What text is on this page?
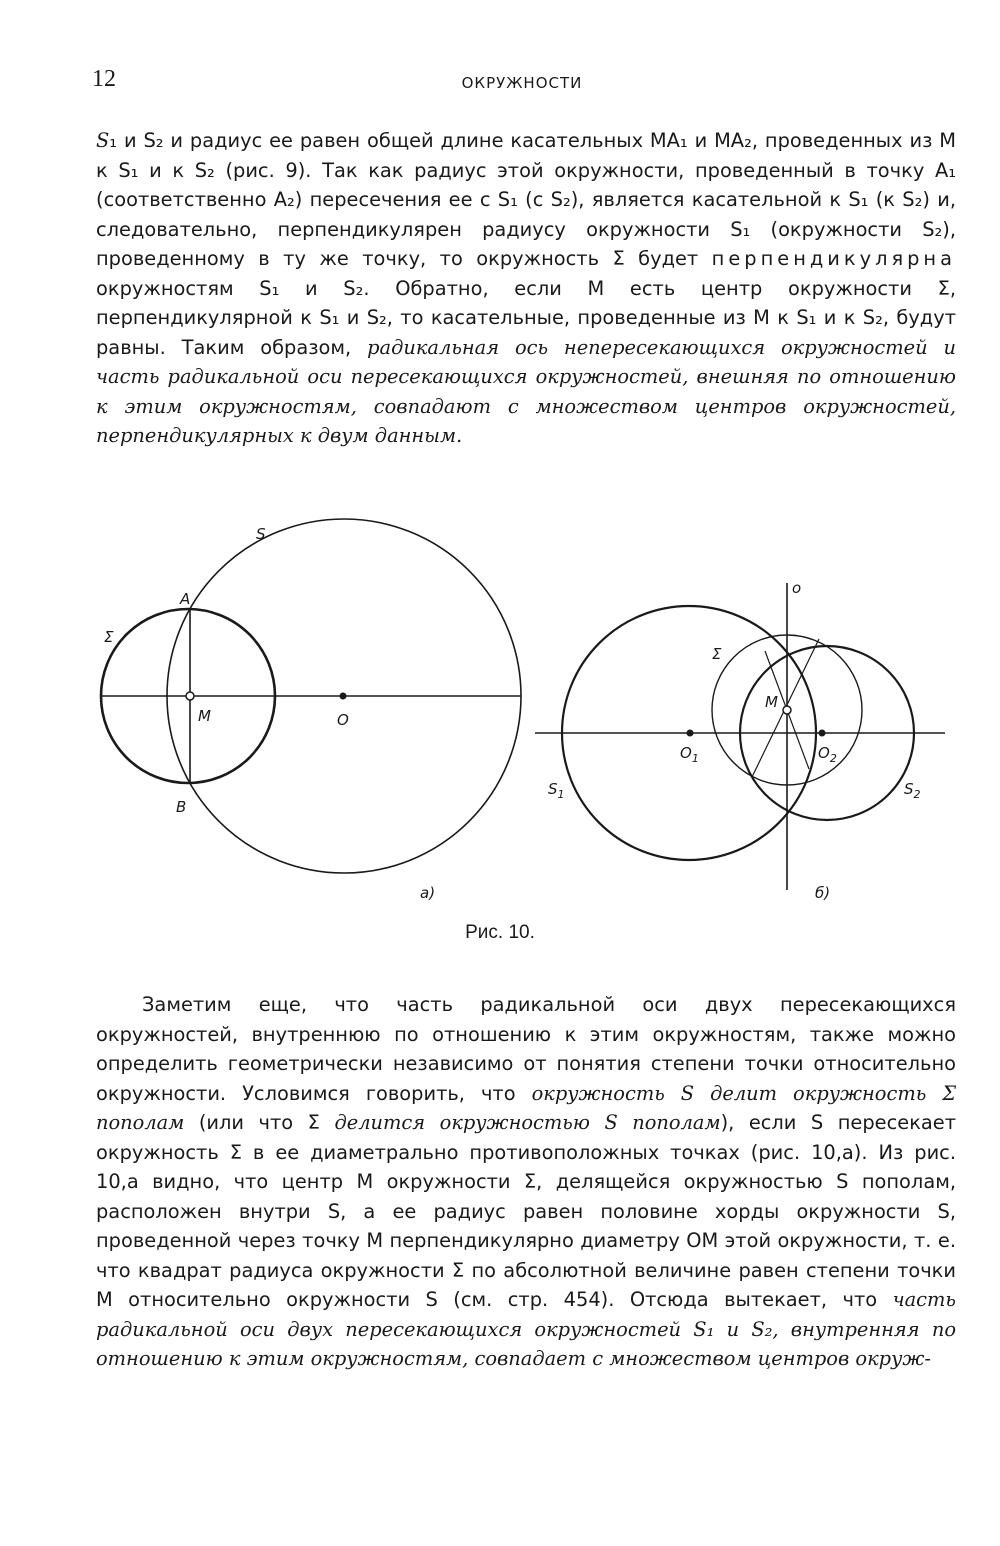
12	ОКРУЖНОСТИ
S₁ и S₂ и радиус ее равен общей длине касательных MA₁ и MA₂, проведенных из M к S₁ и к S₂ (рис. 9). Так как радиус этой окружности, проведенный в точку A₁ (соответственно A₂) пересечения ее с S₁ (с S₂), является касательной к S₁ (к S₂) и, следовательно, перпендикулярен радиусу окружности S₁ (окружности S₂), проведенному в ту же точку, то окружность Σ будет перпендикулярна окружностям S₁ и S₂. Обратно, если M есть центр окружности Σ, перпендикулярной к S₁ и S₂, то касательные, проведенные из M к S₁ и к S₂, будут равны. Таким образом, радикальная ось непересекающихся окружностей и часть радикальной оси пересекающихся окружностей, внешняя по отношению к этим окружностям, совпадают с множеством центров окружностей, перпендикулярных к двум данным.
S
A
Σ
M	O
B
a)
o
Σ
M
$O_1$	$O_2$
$S_1$	$S_2$
б)
Рис. 10.
Заметим еще, что часть радикальной оси двух пересекающихся окружностей, внутреннюю по отношению к этим окружностям, также можно определить геометрически независимо от понятия степени точки относительно окружности. Условимся говорить, что окружность S делит окружность Σ пополам (или что Σ делится окружностью S пополам), если S пересекает окружность Σ в ее диаметрально противоположных точках (рис. 10,a). Из рис. 10,a видно, что центр M окружности Σ, делящейся окружностью S пополам, расположен внутри S, а ее радиус равен половине хорды окружности S, проведенной через точку M перпендикулярно диаметру OM этой окружности, т. е. что квадрат радиуса окружности Σ по абсолютной величине равен степени точки M относительно окружности S (см. стр. 454). Отсюда вытекает, что часть радикальной оси двух пересекающихся окружностей S₁ и S₂, внутренняя по отношению к этим окружностям, совпадает с множеством центров окруж-
